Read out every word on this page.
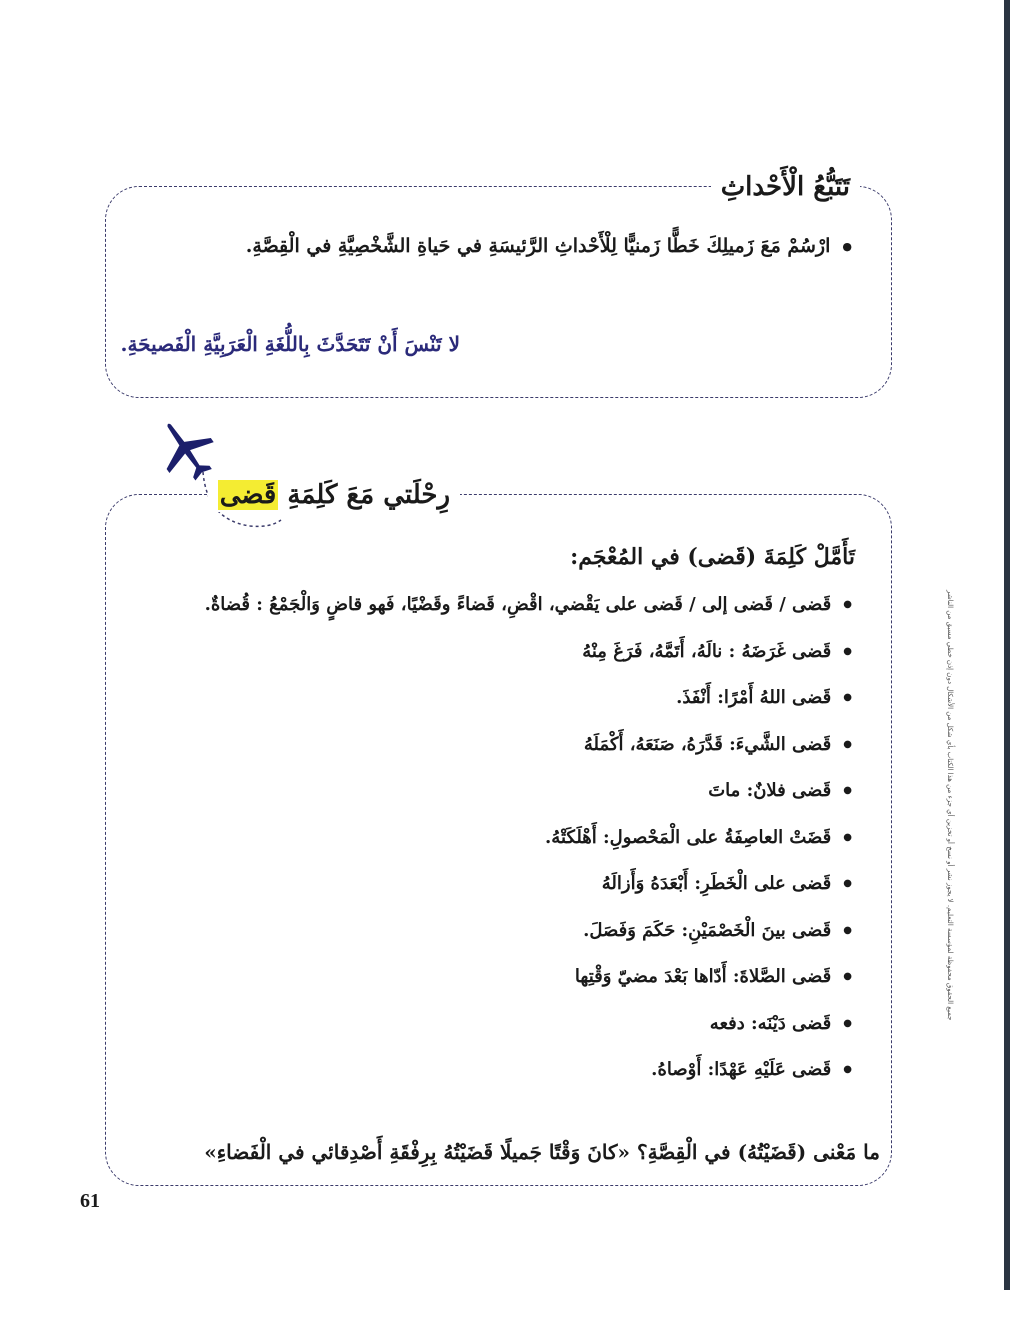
جميع الحقوق محفوظة لمؤسسة التعليم. لا يجوز نشر أو نسخ أو تخزين أي جزء من هذا الكتاب بأي شكل من الأشكال دون إذن خطي مسبق من الناشر
تَتَبُّعُ الْأَحْداثِ
● ارْسُمْ مَعَ زَميلِكَ خَطًّا زَمنيًّا لِلْأَحْداثِ الرَّئيسَةِ في حَياةِ الشَّخْصِيَّةِ في الْقِصَّةِ.
لا تَنْسَ أَنْ تَتَحَدَّثَ بِاللُّغَةِ الْعَرَبِيَّةِ الْفَصيحَةِ.
رِحْلَتي مَعَ كَلِمَةِ قَضى
تَأَمَّلْ كَلِمَةَ (قَضى) في المُعْجَم:
● قَضى / قَضى إلى / قَضى على يَقْضي، اقْضِ، قَضاءً وقَضْيًا، فَهو قاضٍ وَالْجَمْعُ : قُضاةٌ.
● قَضى غَرَضَهُ : نالَهُ، أَتَمَّهُ، فَرَغَ مِنْهُ
● قَضى اللهُ أَمْرًا: أَنْفَذَ.
● قَضى الشَّيءَ: قَدَّرَهُ، صَنَعَهُ، أَكْمَلَهُ
● قَضى فلانٌ: ماتَ
● قَضَتْ العاصِفَةُ على الْمَحْصولِ: أَهْلَكَتْهُ.
● قَضى على الْخَطَرِ: أَبْعَدَهُ وَأَزالَهُ
● قَضى بينَ الْخَصْمَيْنِ: حَكَمَ وَفَصَلَ.
● قَضى الصَّلاةَ: أَدّاها بَعْدَ مضيّ وَقْتِها
● قَضى دَيْنَه: دفعه
● قَضى عَلَيْهِ عَهْدًا: أَوْصاهُ.
ما مَعْنى (قَضَيْتُهُ) في الْقِصَّةِ؟ «كانَ وَقْتًا جَميلًا قَضَيْتُهُ بِرِفْقَةِ أَصْدِقائي في الْفَضاءِ»
61
